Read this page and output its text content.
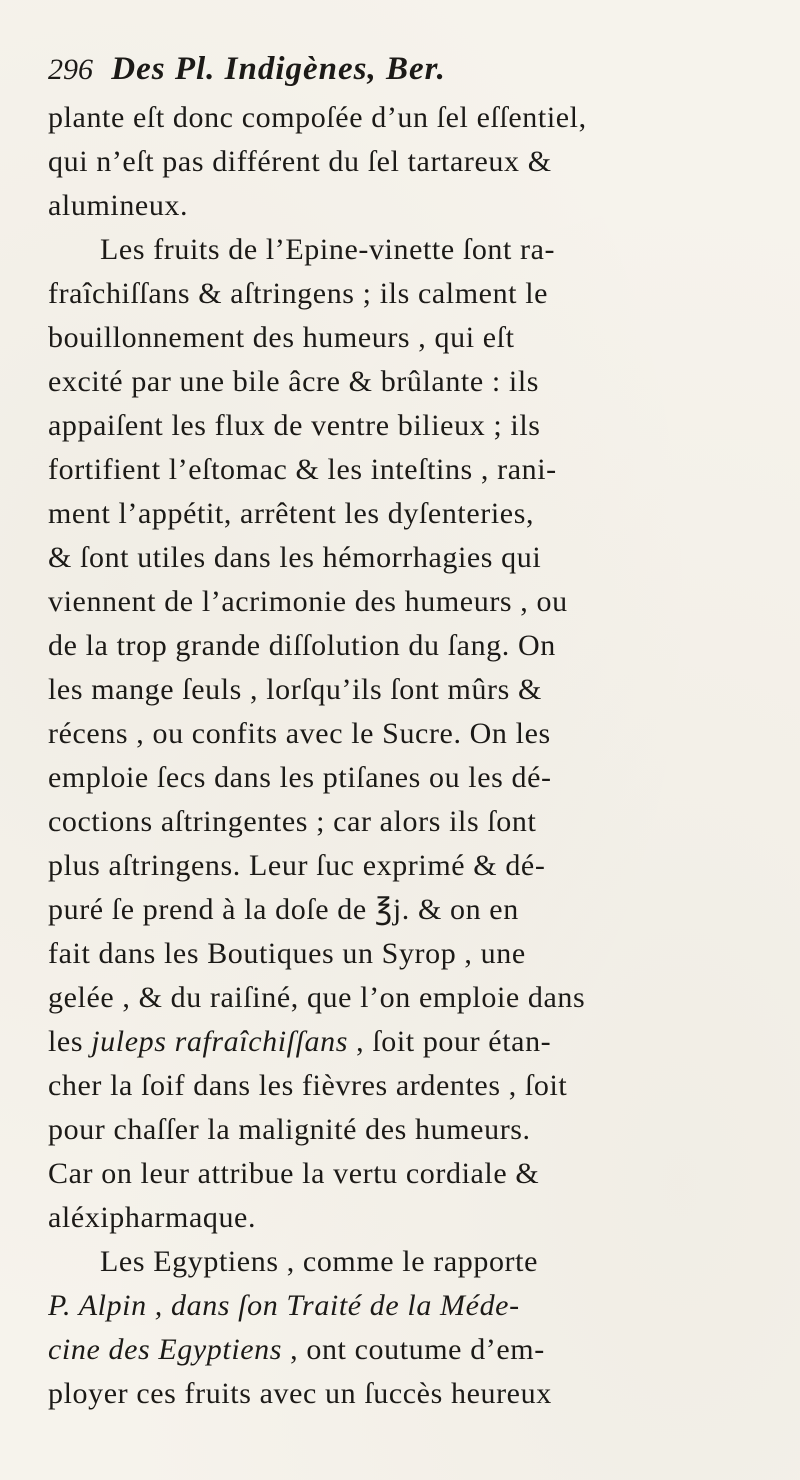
296 Des Pl. Indigènes, Ber.
plante eſt donc compoſée d’un ſel eſſentiel,
qui n’eſt pas différent du ſel tartareux &
alumineux.
Les fruits de l’Epine-vinette ſont ra-
fraîchiſſans & aſtringens ; ils calment le
bouillonnement des humeurs , qui eſt
excité par une bile âcre & brûlante : ils
appaiſent les flux de ventre bilieux ; ils
fortifient l’eſtomac & les inteſtins , rani-
ment l’appétit, arrêtent les dyſenteries,
& ſont utiles dans les hémorrhagies qui
viennent de l’acrimonie des humeurs , ou
de la trop grande diſſolution du ſang. On
les mange ſeuls , lorſqu’ils ſont mûrs &
récens , ou confits avec le Sucre. On les
emploie ſecs dans les ptiſanes ou les dé-
coctions aſtringentes ; car alors ils ſont
plus aſtringens. Leur ſuc exprimé & dé-
puré ſe prend à la doſe de ℥j. & on en
fait dans les Boutiques un Syrop , une
gelée , & du raiſiné, que l’on emploie dans
les juleps rafraîchiſſans , ſoit pour étan-
cher la ſoif dans les fièvres ardentes , ſoit
pour chaſſer la malignité des humeurs.
Car on leur attribue la vertu cordiale &
aléxipharmaque.
Les Egyptiens , comme le rapporte
P. Alpin , dans ſon Traité de la Méde-
cine des Egyptiens , ont coutume d’em-
ployer ces fruits avec un ſuccès heureux
